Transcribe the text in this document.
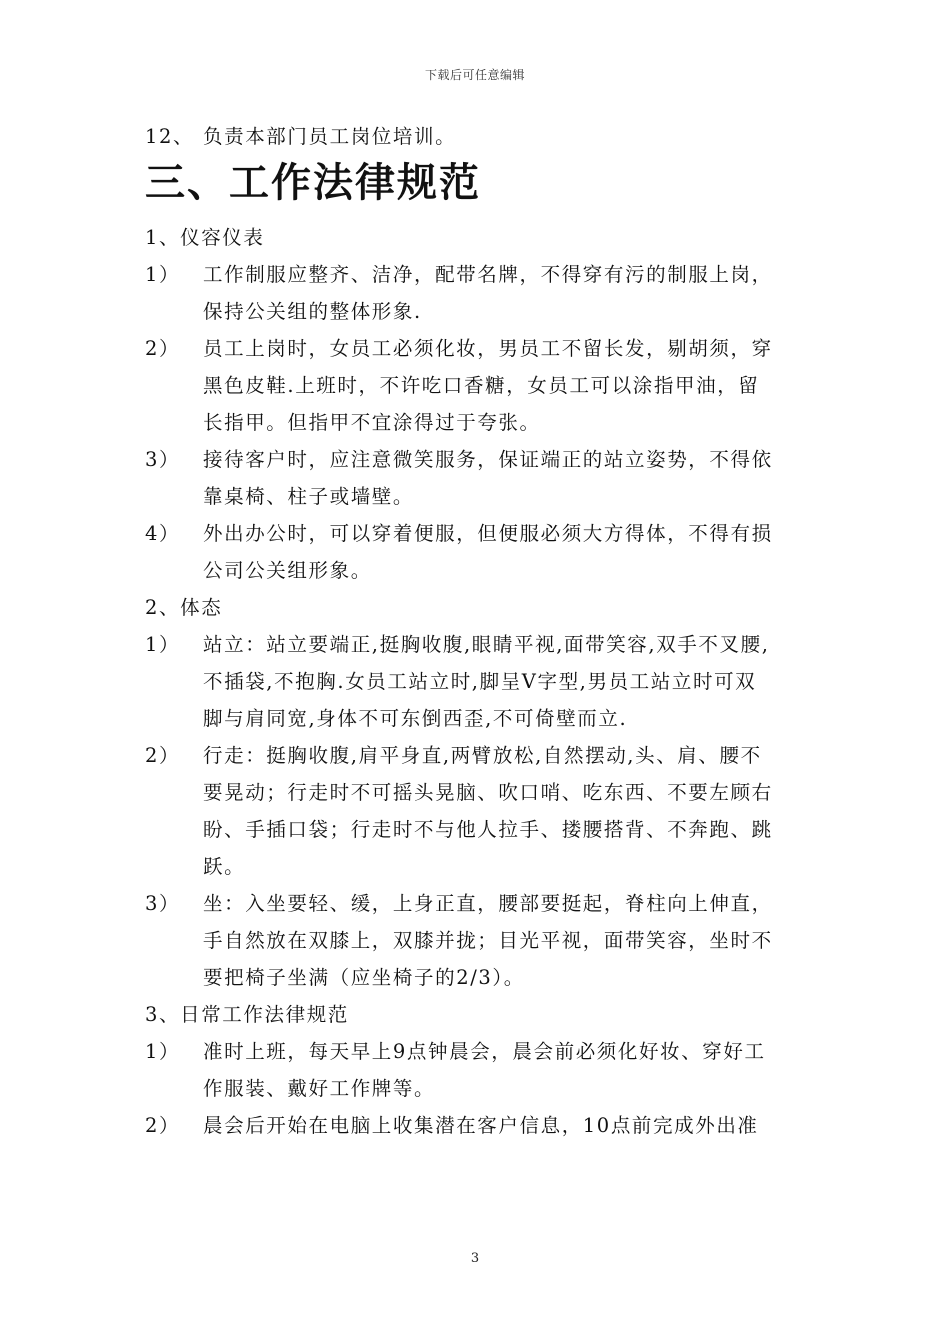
下载后可任意编辑
12、 负责本部门员工岗位培训。
三、工作法律规范
1、仪容仪表
1）	工作制服应整齐、洁净，配带名牌，不得穿有污的制服上岗，
保持公关组的整体形象.
2）	员工上岗时，女员工必须化妆，男员工不留长发，剔胡须，穿
黑色皮鞋.上班时，不许吃口香糖，女员工可以涂指甲油，留
长指甲。但指甲不宜涂得过于夸张。
3）	接待客户时，应注意微笑服务，保证端正的站立姿势，不得依
靠桌椅、柱子或墙壁。
4）	外出办公时，可以穿着便服，但便服必须大方得体，不得有损
公司公关组形象。
2、体态
1）	站立：站立要端正,挺胸收腹,眼睛平视,面带笑容,双手不叉腰,
不插袋,不抱胸.女员工站立时,脚呈V字型,男员工站立时可双
脚与肩同宽,身体不可东倒西歪,不可倚壁而立.
2）	行走：挺胸收腹,肩平身直,两臂放松,自然摆动,头、肩、腰不
要晃动；行走时不可摇头晃脑、吹口哨、吃东西、不要左顾右
盼、手插口袋；行走时不与他人拉手、搂腰搭背、不奔跑、跳
跃。
3）	坐：入坐要轻、缓，上身正直，腰部要挺起，脊柱向上伸直，
手自然放在双膝上，双膝并拢；目光平视，面带笑容，坐时不
要把椅子坐满（应坐椅子的2/3）。
3、日常工作法律规范
1）	准时上班，每天早上9点钟晨会，晨会前必须化好妆、穿好工
作服装、戴好工作牌等。
2）	晨会后开始在电脑上收集潜在客户信息，10点前完成外出准
3
